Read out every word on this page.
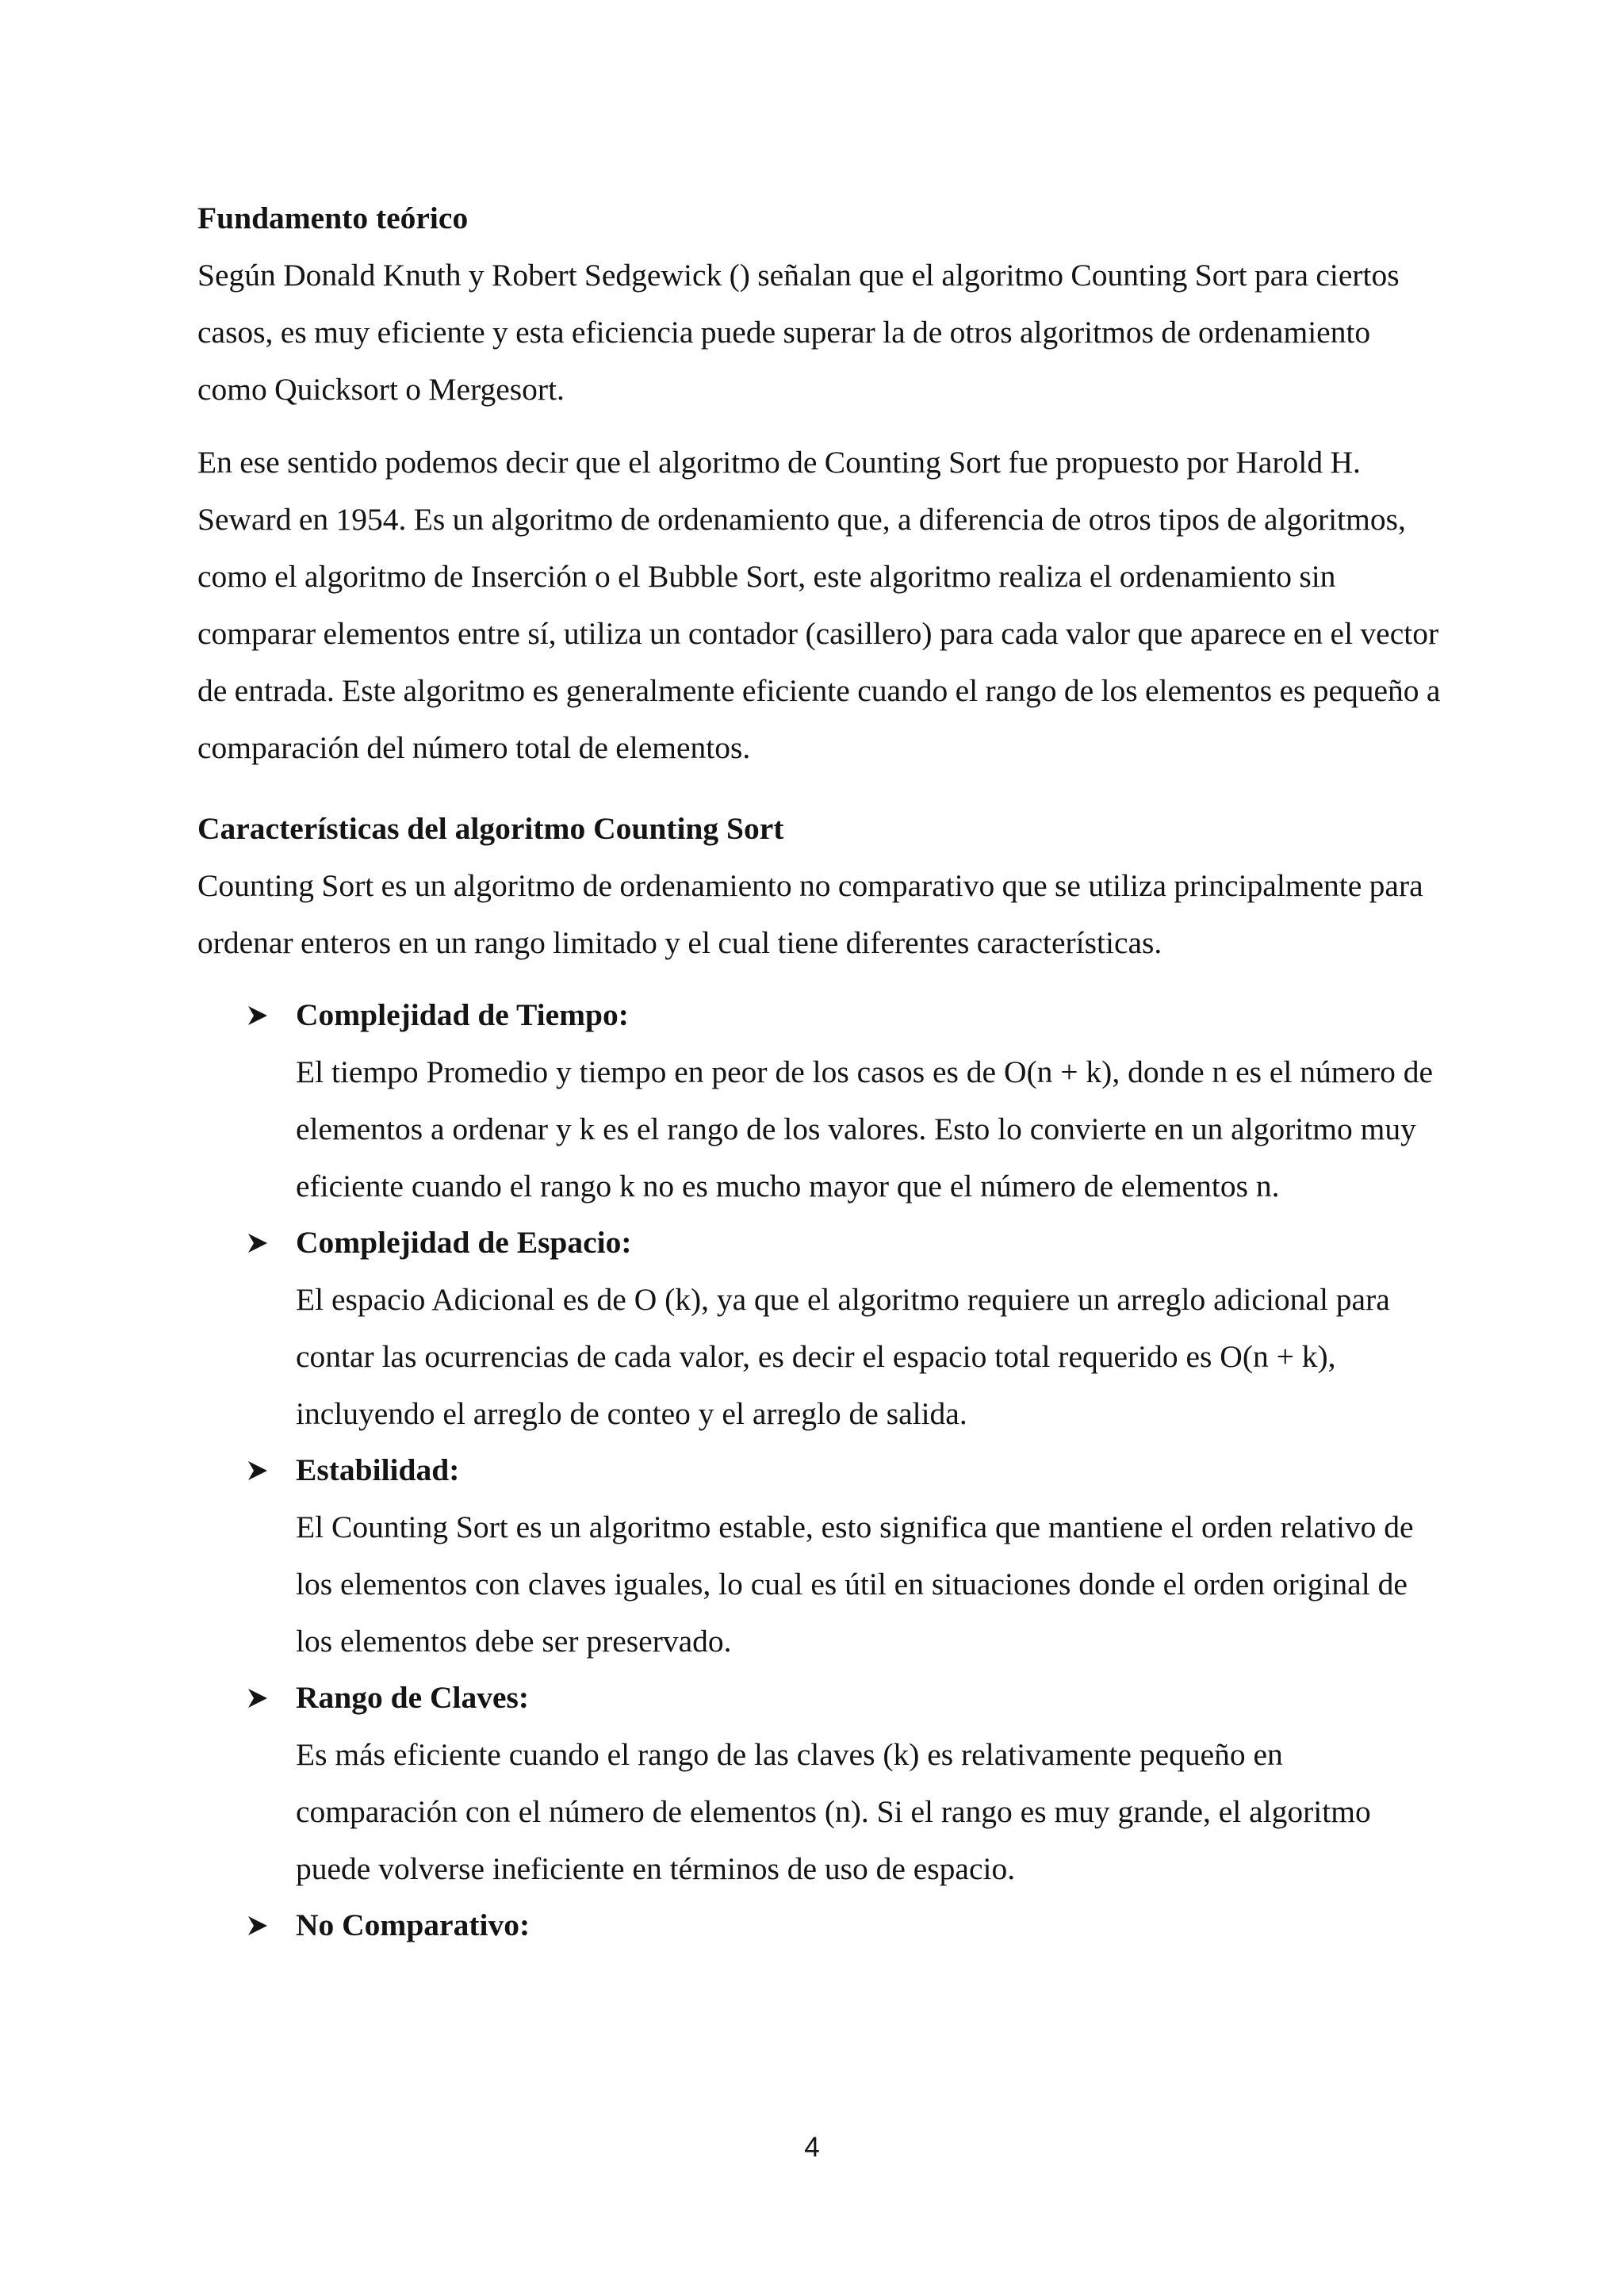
Fundamento teórico

Según Donald Knuth y Robert Sedgewick () señalan que el algoritmo Counting Sort para ciertos casos, es muy eficiente y esta eficiencia puede superar la de otros algoritmos de ordenamiento como Quicksort o Mergesort.

En ese sentido podemos decir que el algoritmo de Counting Sort fue propuesto por Harold H. Seward en 1954. Es un algoritmo de ordenamiento que, a diferencia de otros tipos de algoritmos, como el algoritmo de Inserción o el Bubble Sort, este algoritmo realiza el ordenamiento sin comparar elementos entre sí, utiliza un contador (casillero) para cada valor que aparece en el vector de entrada. Este algoritmo es generalmente eficiente cuando el rango de los elementos es pequeño a comparación del número total de elementos.

Características del algoritmo Counting Sort

Counting Sort es un algoritmo de ordenamiento no comparativo que se utiliza principalmente para ordenar enteros en un rango limitado y el cual tiene diferentes características.

Complejidad de Tiempo:

El tiempo Promedio y tiempo en peor de los casos es de O(n + k), donde n es el número de elementos a ordenar y k es el rango de los valores. Esto lo convierte en un algoritmo muy eficiente cuando el rango k no es mucho mayor que el número de elementos n.

Complejidad de Espacio:

El espacio Adicional es de O (k), ya que el algoritmo requiere un arreglo adicional para contar las ocurrencias de cada valor, es decir el espacio total requerido es O(n + k), incluyendo el arreglo de conteo y el arreglo de salida.

Estabilidad:

El Counting Sort es un algoritmo estable, esto significa que mantiene el orden relativo de los elementos con claves iguales, lo cual es útil en situaciones donde el orden original de los elementos debe ser preservado.

Rango de Claves:

Es más eficiente cuando el rango de las claves (k) es relativamente pequeño en comparación con el número de elementos (n). Si el rango es muy grande, el algoritmo puede volverse ineficiente en términos de uso de espacio.

No Comparativo:
4
